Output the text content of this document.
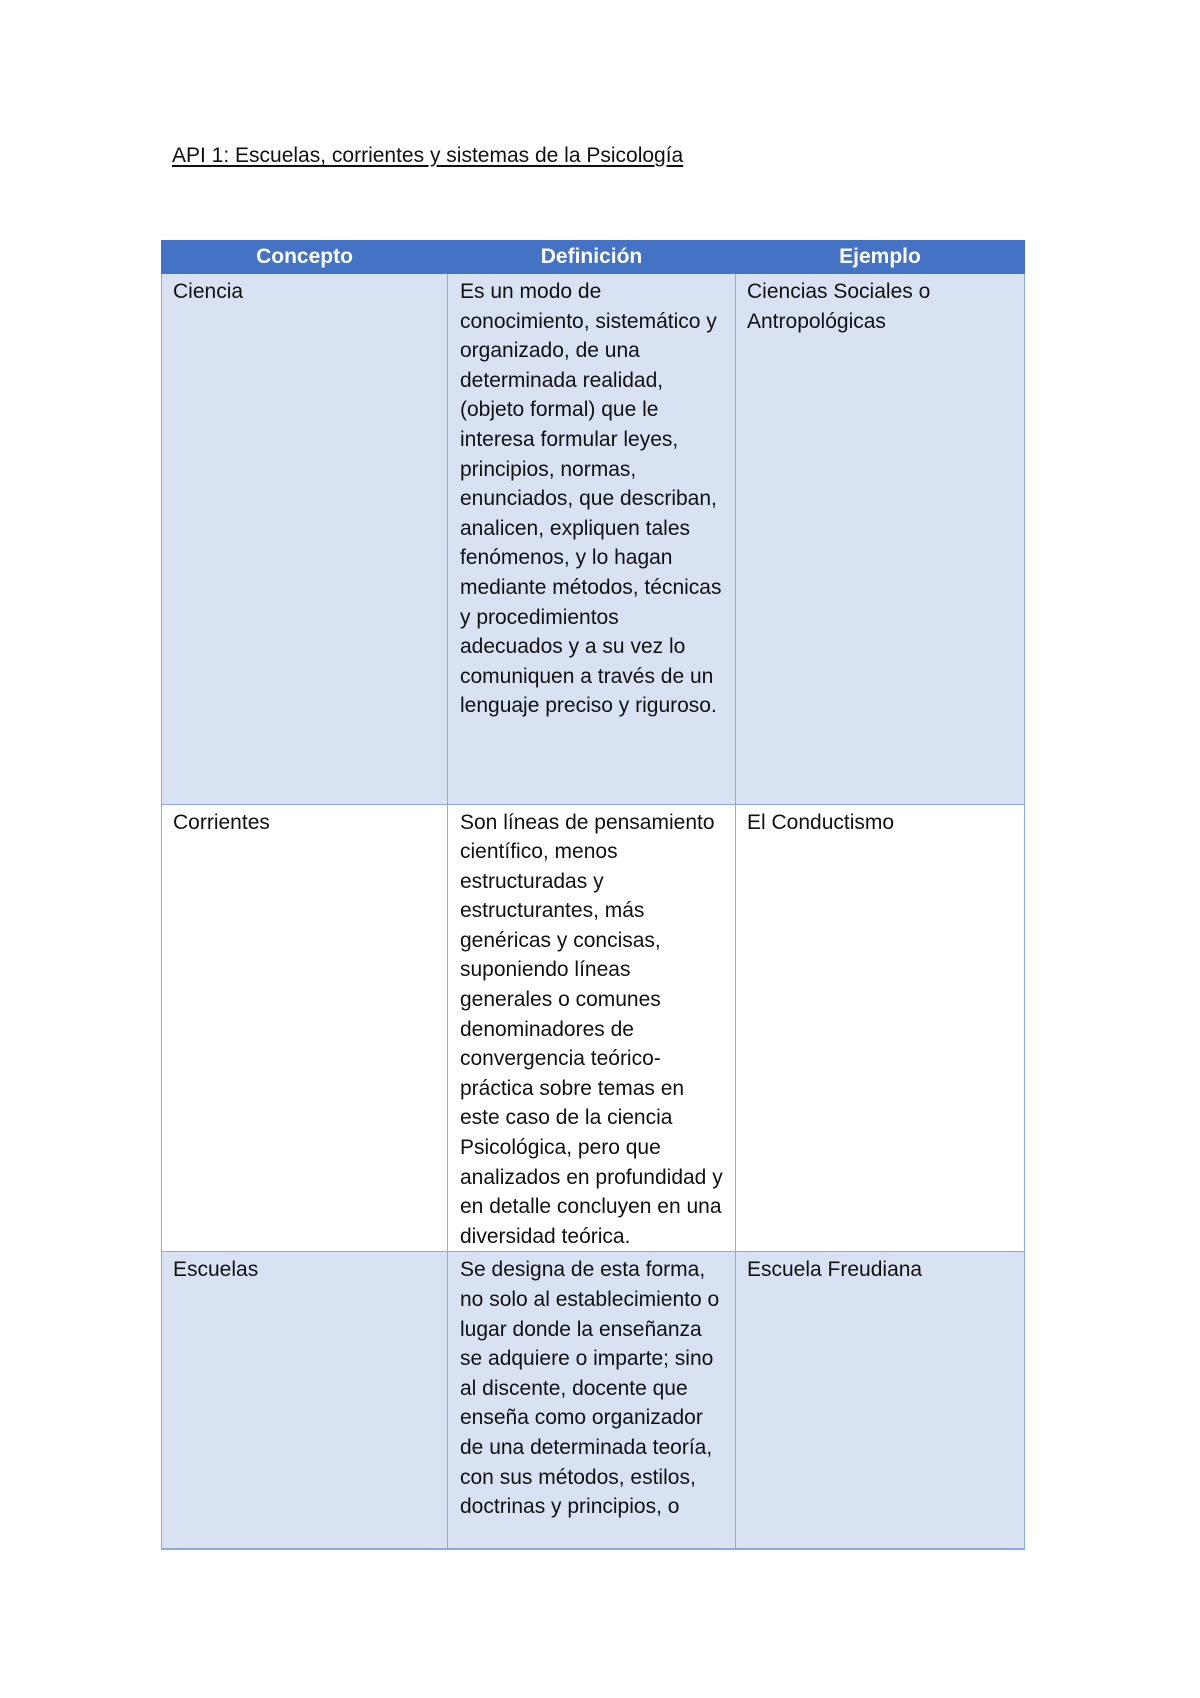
API 1: Escuelas, corrientes y sistemas de la Psicología
Concepto	Definición	Ejemplo
Ciencia	Es un modo de conocimiento, sistemático y organizado, de una determinada realidad, (objeto formal) que le interesa formular leyes, principios, normas, enunciados, que describan, analicen, expliquen tales fenómenos, y lo hagan mediante métodos, técnicas y procedimientos adecuados y a su vez lo comuniquen a través de un lenguaje preciso y riguroso.	Ciencias Sociales o Antropológicas
Corrientes	Son líneas de pensamiento científico, menos estructuradas y estructurantes, más genéricas y concisas, suponiendo líneas generales o comunes denominadores de convergencia teórico-práctica sobre temas en este caso de la ciencia Psicológica, pero que analizados en profundidad y en detalle concluyen en una diversidad teórica.	El Conductismo
Escuelas	Se designa de esta forma, no solo al establecimiento o lugar donde la enseñanza se adquiere o imparte; sino al discente, docente que enseña como organizador de una determinada teoría, con sus métodos, estilos, doctrinas y principios, o	Escuela Freudiana
